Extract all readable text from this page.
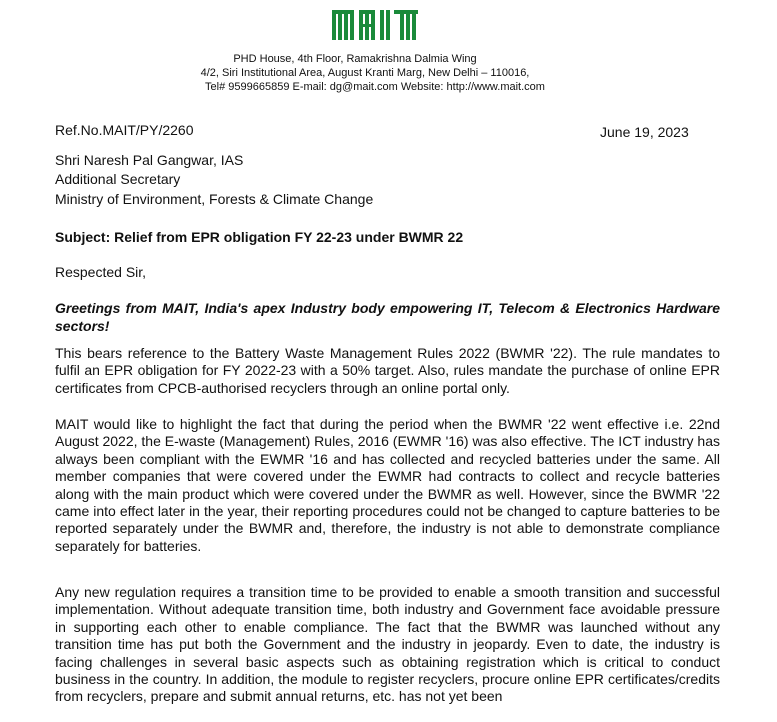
PHD House, 4th Floor, Ramakrishna Dalmia Wing
4/2, Siri Institutional Area, August Kranti Marg, New Delhi – 110016,
Tel# 9599665859 E-mail: dg@mait.com Website: http://www.mait.com
Ref.No.MAIT/PY/2260	June 19, 2023
Shri Naresh Pal Gangwar, IAS
Additional Secretary
Ministry of Environment, Forests & Climate Change
Subject: Relief from EPR obligation FY 22-23 under BWMR 22
Respected Sir,
Greetings from MAIT, India's apex Industry body empowering IT, Telecom & Electronics Hardware sectors!
This bears reference to the Battery Waste Management Rules 2022 (BWMR '22). The rule mandates to fulfil an EPR obligation for FY 2022-23 with a 50% target. Also, rules mandate the purchase of online EPR certificates from CPCB-authorised recyclers through an online portal only.
MAIT would like to highlight the fact that during the period when the BWMR '22 went effective i.e. 22nd August 2022, the E-waste (Management) Rules, 2016 (EWMR '16) was also effective. The ICT industry has always been compliant with the EWMR '16 and has collected and recycled batteries under the same. All member companies that were covered under the EWMR had contracts to collect and recycle batteries along with the main product which were covered under the BWMR as well. However, since the BWMR '22 came into effect later in the year, their reporting procedures could not be changed to capture batteries to be reported separately under the BWMR and, therefore, the industry is not able to demonstrate compliance separately for batteries.
Any new regulation requires a transition time to be provided to enable a smooth transition and successful implementation. Without adequate transition time, both industry and Government face avoidable pressure in supporting each other to enable compliance. The fact that the BWMR was launched without any transition time has put both the Government and the industry in jeopardy. Even to date, the industry is facing challenges in several basic aspects such as obtaining registration which is critical to conduct business in the country. In addition, the module to register recyclers, procure online EPR certificates/credits from recyclers, prepare and submit annual returns, etc. has not yet been
